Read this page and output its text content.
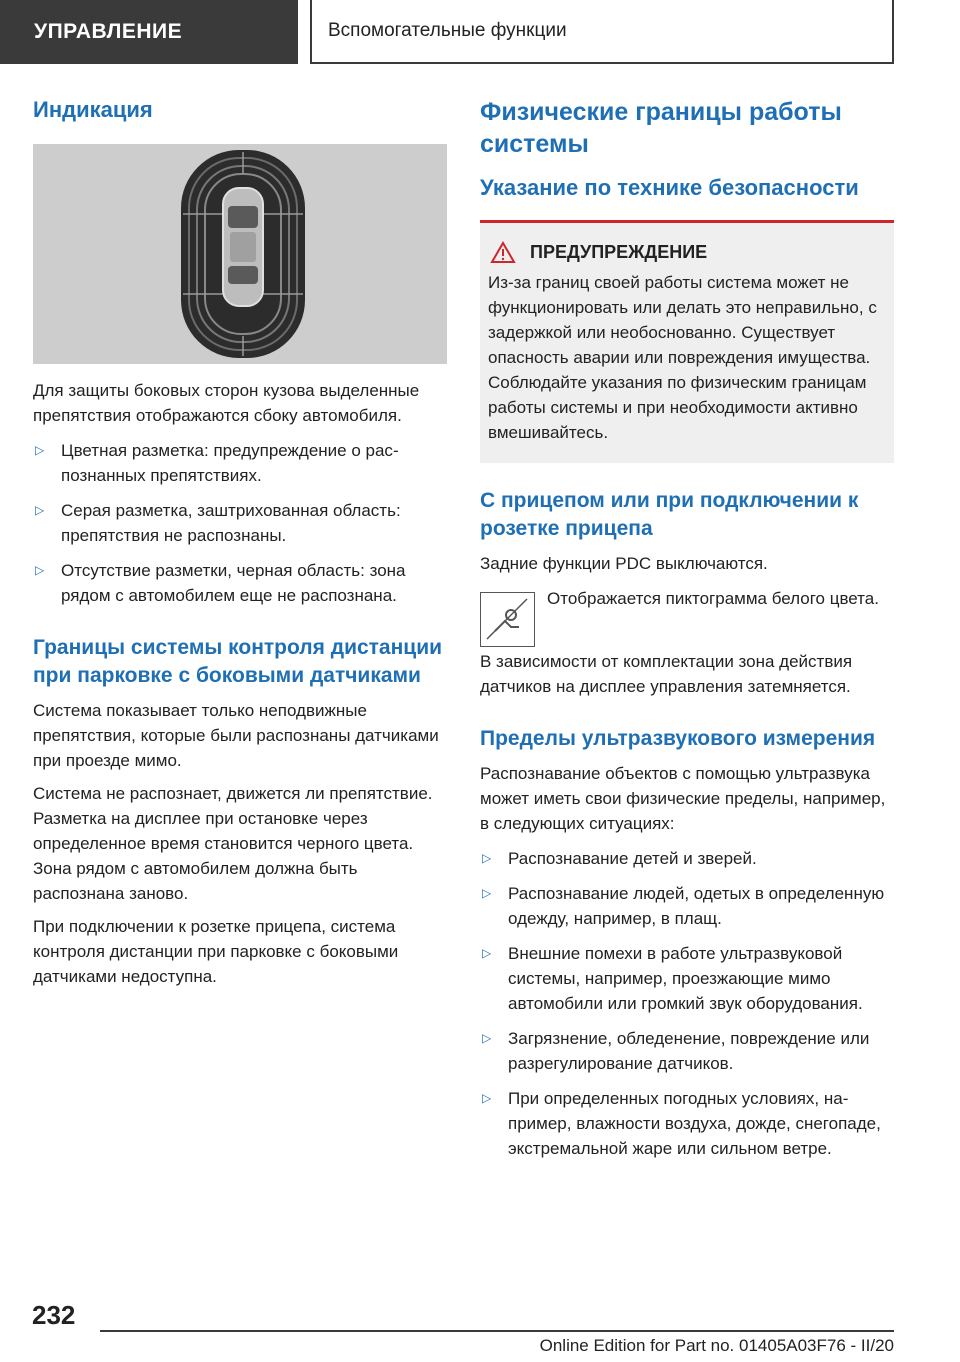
УПРАВЛЕНИЕ	Вспомогательные функции
Индикация

Для защиты боковых сторон кузова выделенные препятствия отображаются сбоку автомобиля.

▷ Цветная разметка: предупреждение о распознанных препятствиях.
▷ Серая разметка, заштрихованная область: препятствия не распознаны.
▷ Отсутствие разметки, черная область: зона рядом с автомобилем еще не распознана.
Границы системы контроля дистанции при парковке с боковыми датчиками

Система показывает только неподвижные препятствия, которые были распознаны датчиками при проезде мимо.

Система не распознает, движется ли препятствие. Разметка на дисплее при остановке через определенное время становится черного цвета. Зона рядом с автомобилем должна быть распознана заново.

При подключении к розетке прицепа, система контроля дистанции при парковке с боковыми датчиками недоступна.

Физические границы работы системы
Указание по технике безопасности
ПРЕДУПРЕЖДЕНИЕ

Из-за границ своей работы система может не функционировать или делать это неправильно, с задержкой или необоснованно. Существует опасность аварии или повреждения имущества. Соблюдайте указания по физическим границам работы системы и при необходимости активно вмешивайтесь.

С прицепом или при подключении к розетке прицепа

Задние функции PDC выключаются.

Отображается пиктограмма белого цвета.

В зависимости от комплектации зона действия датчиков на дисплее управления затемняется.

Пределы ультразвукового измерения

Распознавание объектов с помощью ультразвука может иметь свои физические пределы, например, в следующих ситуациях:

▷ Распознавание детей и зверей.
▷ Распознавание людей, одетых в определенную одежду, например, в плащ.
▷ Внешние помехи в работе ультразвуковой системы, например, проезжающие мимо автомобили или громкий звук оборудования.
▷ Загрязнение, обледенение, повреждение или разрегулирование датчиков.
▷ При определенных погодных условиях, например, влажности воздуха, дожде, снегопаде, экстремальной жаре или сильном ветре.
232
Online Edition for Part no. 01405A03F76 - II/20
